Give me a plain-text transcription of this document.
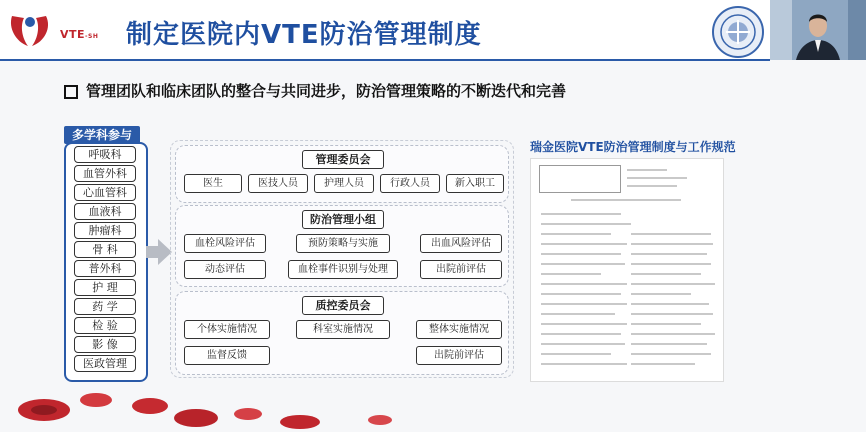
VTE-SH 制定医院内VTE防治管理制度
管理团队和临床团队的整合与共同进步，防治管理策略的不断迭代和完善
多学科参与
呼吸科
血管外科
心血管科
血液科
肿瘤科
骨 科
普外科
护 理
药 学
检 验
影 像
医政管理
管理委员会
医生	医技人员	护理人员	行政人员	新入职工
防治管理小组
血栓风险评估	预防策略与实施	出血风险评估
动态评估	血栓事件识别与处理	出院前评估
质控委员会
个体实施情况	科室实施情况	整体实施情况
监督反馈	出院前评估
瑞金医院VTE防治管理制度与工作规范
